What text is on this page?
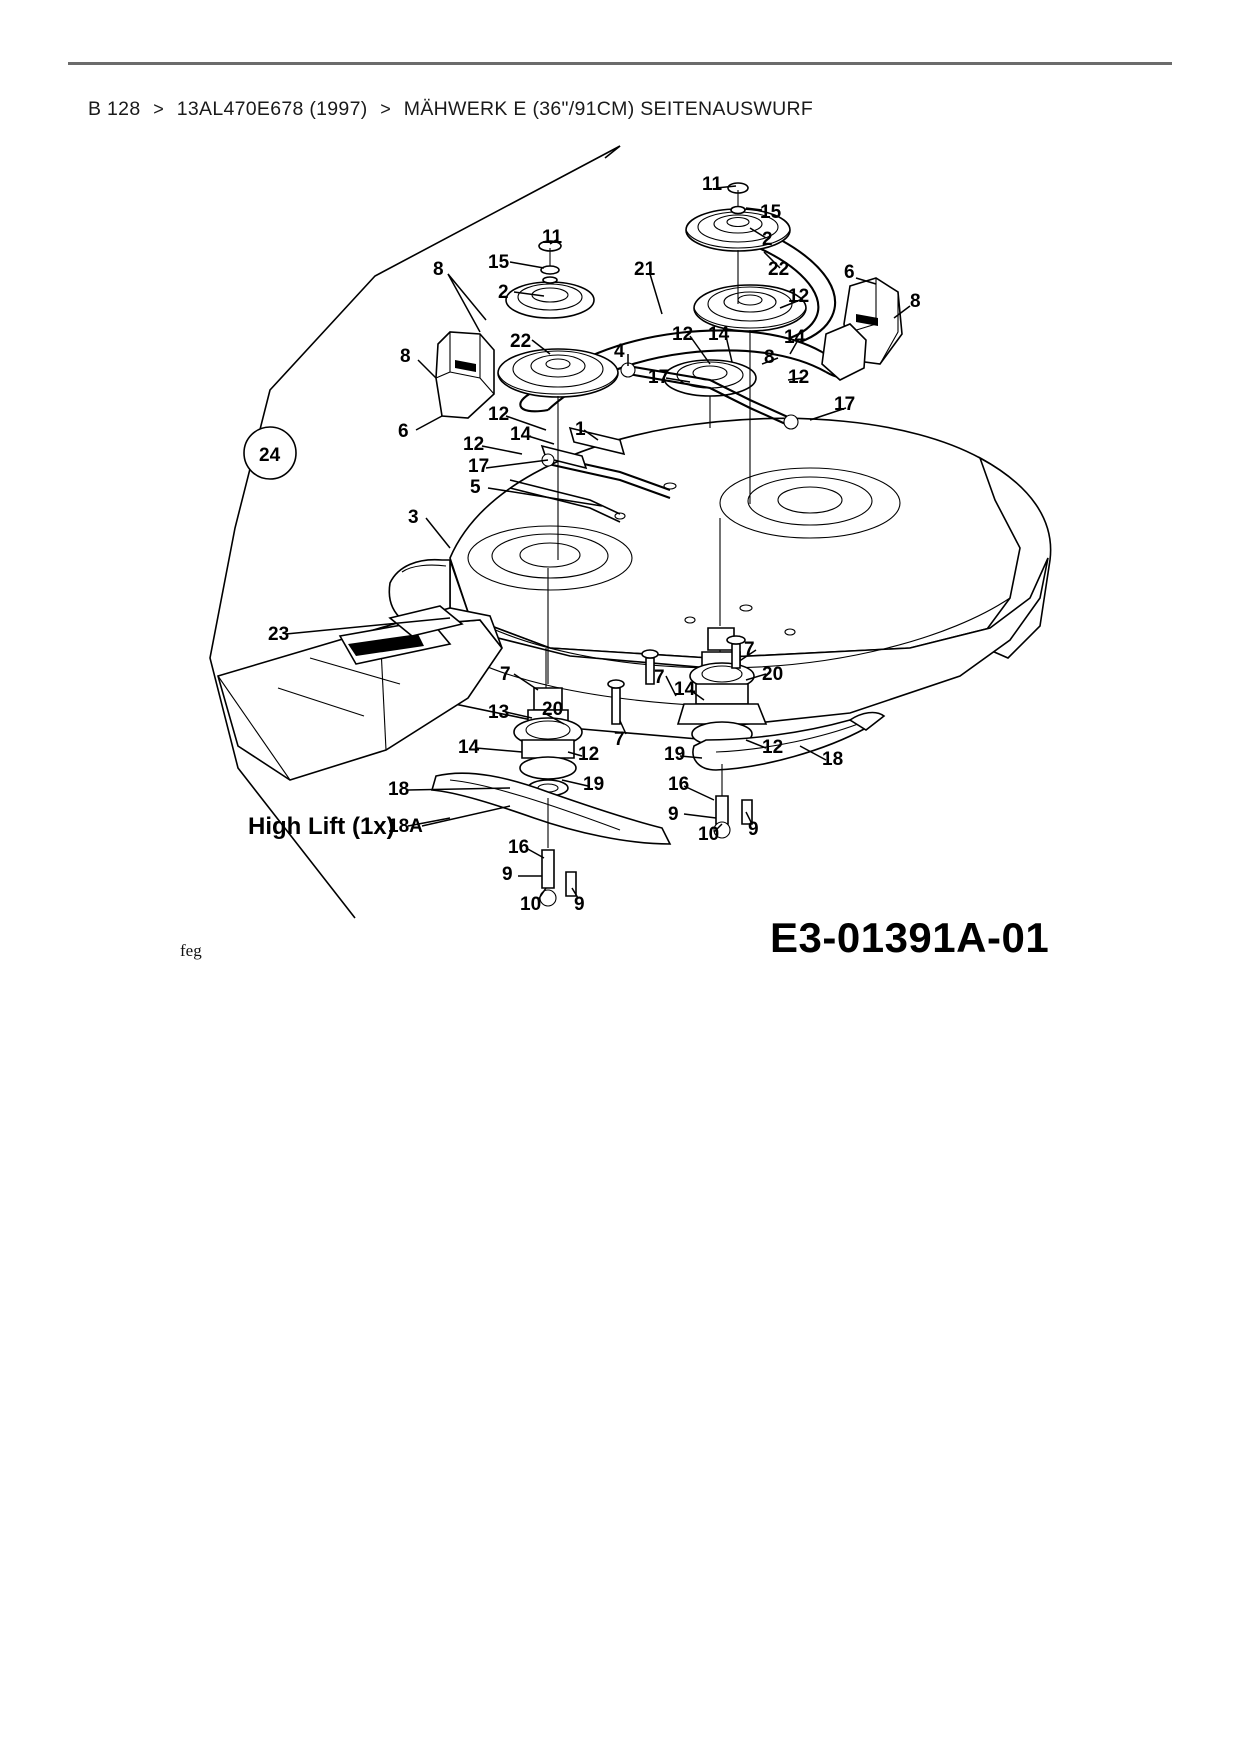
B 128 > 13AL470E678 (1997) > MÄHWERK E (36"/91CM) SEITENAUSWURF
11
15
2
22
11
15
2
22
8
8
6
21	6
8
12
12 14	14
8
12
4
17
17
12
14 1
12
17
5
3
24
23
7
13 20
14	12
19
18
16
9
10 9
7
7
7
20
14
12
18
19
16
9
10 9
High Lift (1x)
18A
E3-01391A-01
feg
